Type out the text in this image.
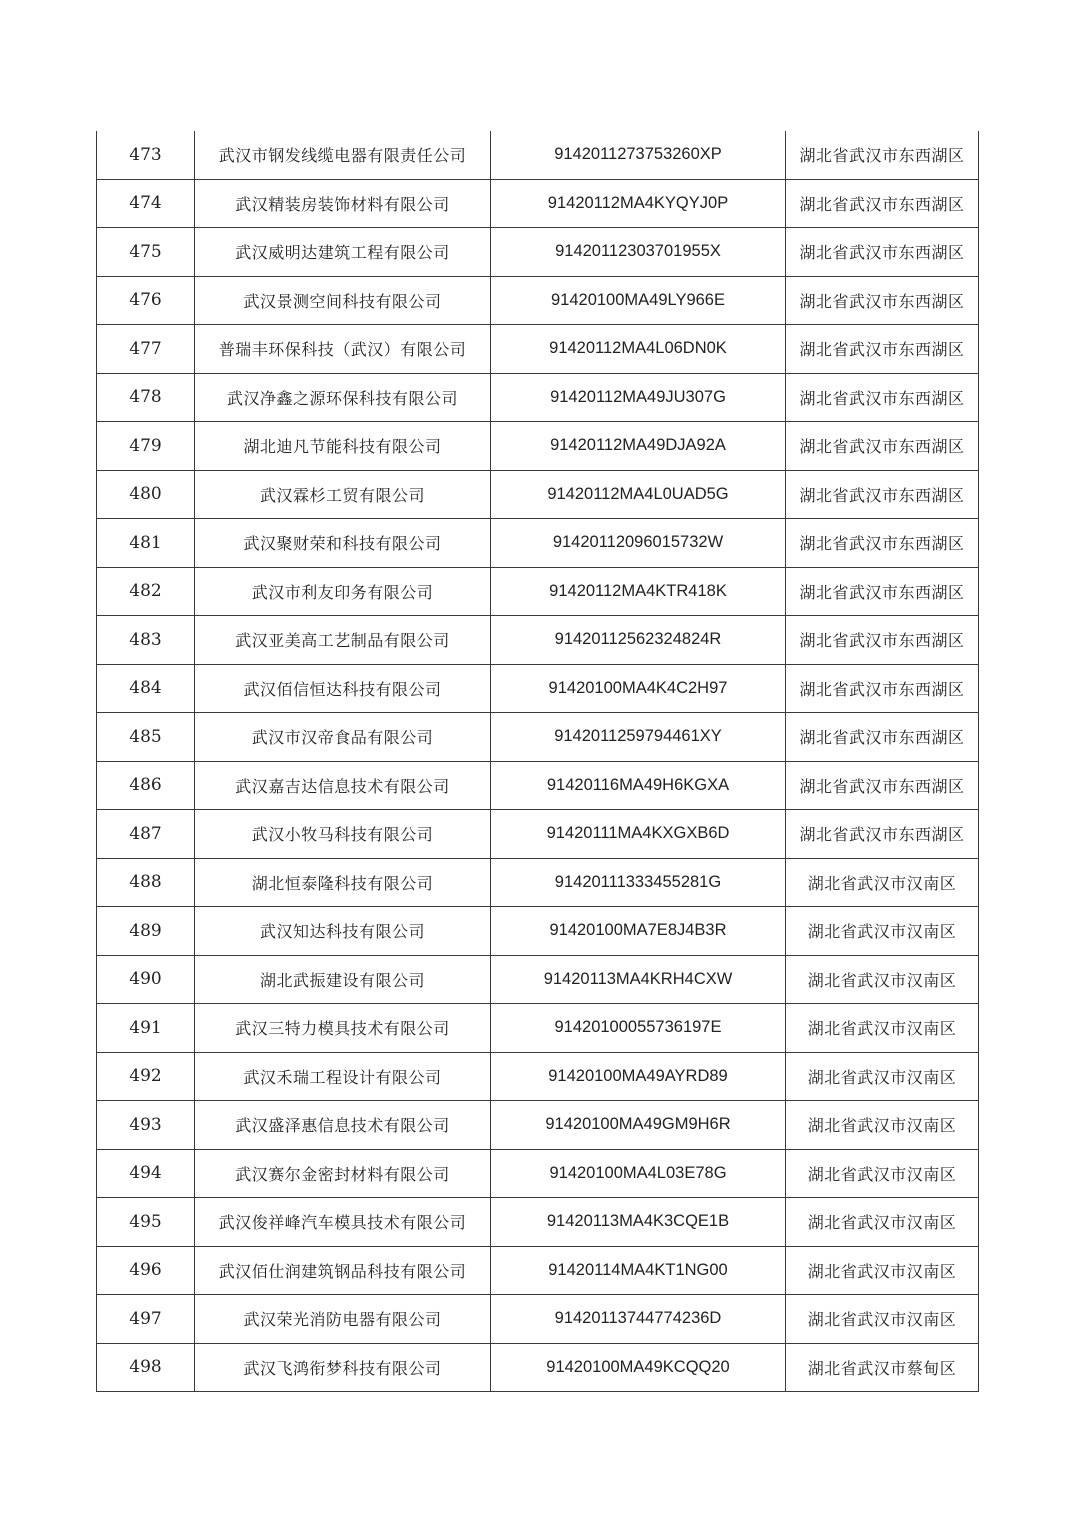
473	武汉市钢发线缆电器有限责任公司	9142011273753260XP	湖北省武汉市东西湖区
474	武汉精装房装饰材料有限公司	91420112MA4KYQYJ0P	湖北省武汉市东西湖区
475	武汉威明达建筑工程有限公司	91420112303701955X	湖北省武汉市东西湖区
476	武汉景测空间科技有限公司	91420100MA49LY966E	湖北省武汉市东西湖区
477	普瑞丰环保科技（武汉）有限公司	91420112MA4L06DN0K	湖北省武汉市东西湖区
478	武汉净鑫之源环保科技有限公司	91420112MA49JU307G	湖北省武汉市东西湖区
479	湖北迪凡节能科技有限公司	91420112MA49DJA92A	湖北省武汉市东西湖区
480	武汉霖杉工贸有限公司	91420112MA4L0UAD5G	湖北省武汉市东西湖区
481	武汉聚财荣和科技有限公司	91420112096015732W	湖北省武汉市东西湖区
482	武汉市利友印务有限公司	91420112MA4KTR418K	湖北省武汉市东西湖区
483	武汉亚美高工艺制品有限公司	91420112562324824R	湖北省武汉市东西湖区
484	武汉佰信恒达科技有限公司	91420100MA4K4C2H97	湖北省武汉市东西湖区
485	武汉市汉帝食品有限公司	9142011259794461XY	湖北省武汉市东西湖区
486	武汉嘉吉达信息技术有限公司	91420116MA49H6KGXA	湖北省武汉市东西湖区
487	武汉小牧马科技有限公司	91420111MA4KXGXB6D	湖北省武汉市东西湖区
488	湖北恒泰隆科技有限公司	91420111333455281G	湖北省武汉市汉南区
489	武汉知达科技有限公司	91420100MA7E8J4B3R	湖北省武汉市汉南区
490	湖北武振建设有限公司	91420113MA4KRH4CXW	湖北省武汉市汉南区
491	武汉三特力模具技术有限公司	91420100055736197E	湖北省武汉市汉南区
492	武汉禾瑞工程设计有限公司	91420100MA49AYRD89	湖北省武汉市汉南区
493	武汉盛泽惠信息技术有限公司	91420100MA49GM9H6R	湖北省武汉市汉南区
494	武汉赛尔金密封材料有限公司	91420100MA4L03E78G	湖北省武汉市汉南区
495	武汉俊祥峰汽车模具技术有限公司	91420113MA4K3CQE1B	湖北省武汉市汉南区
496	武汉佰仕润建筑钢品科技有限公司	91420114MA4KT1NG00	湖北省武汉市汉南区
497	武汉荣光消防电器有限公司	91420113744774236D	湖北省武汉市汉南区
498	武汉飞鸿衔梦科技有限公司	91420100MA49KCQQ20	湖北省武汉市蔡甸区
